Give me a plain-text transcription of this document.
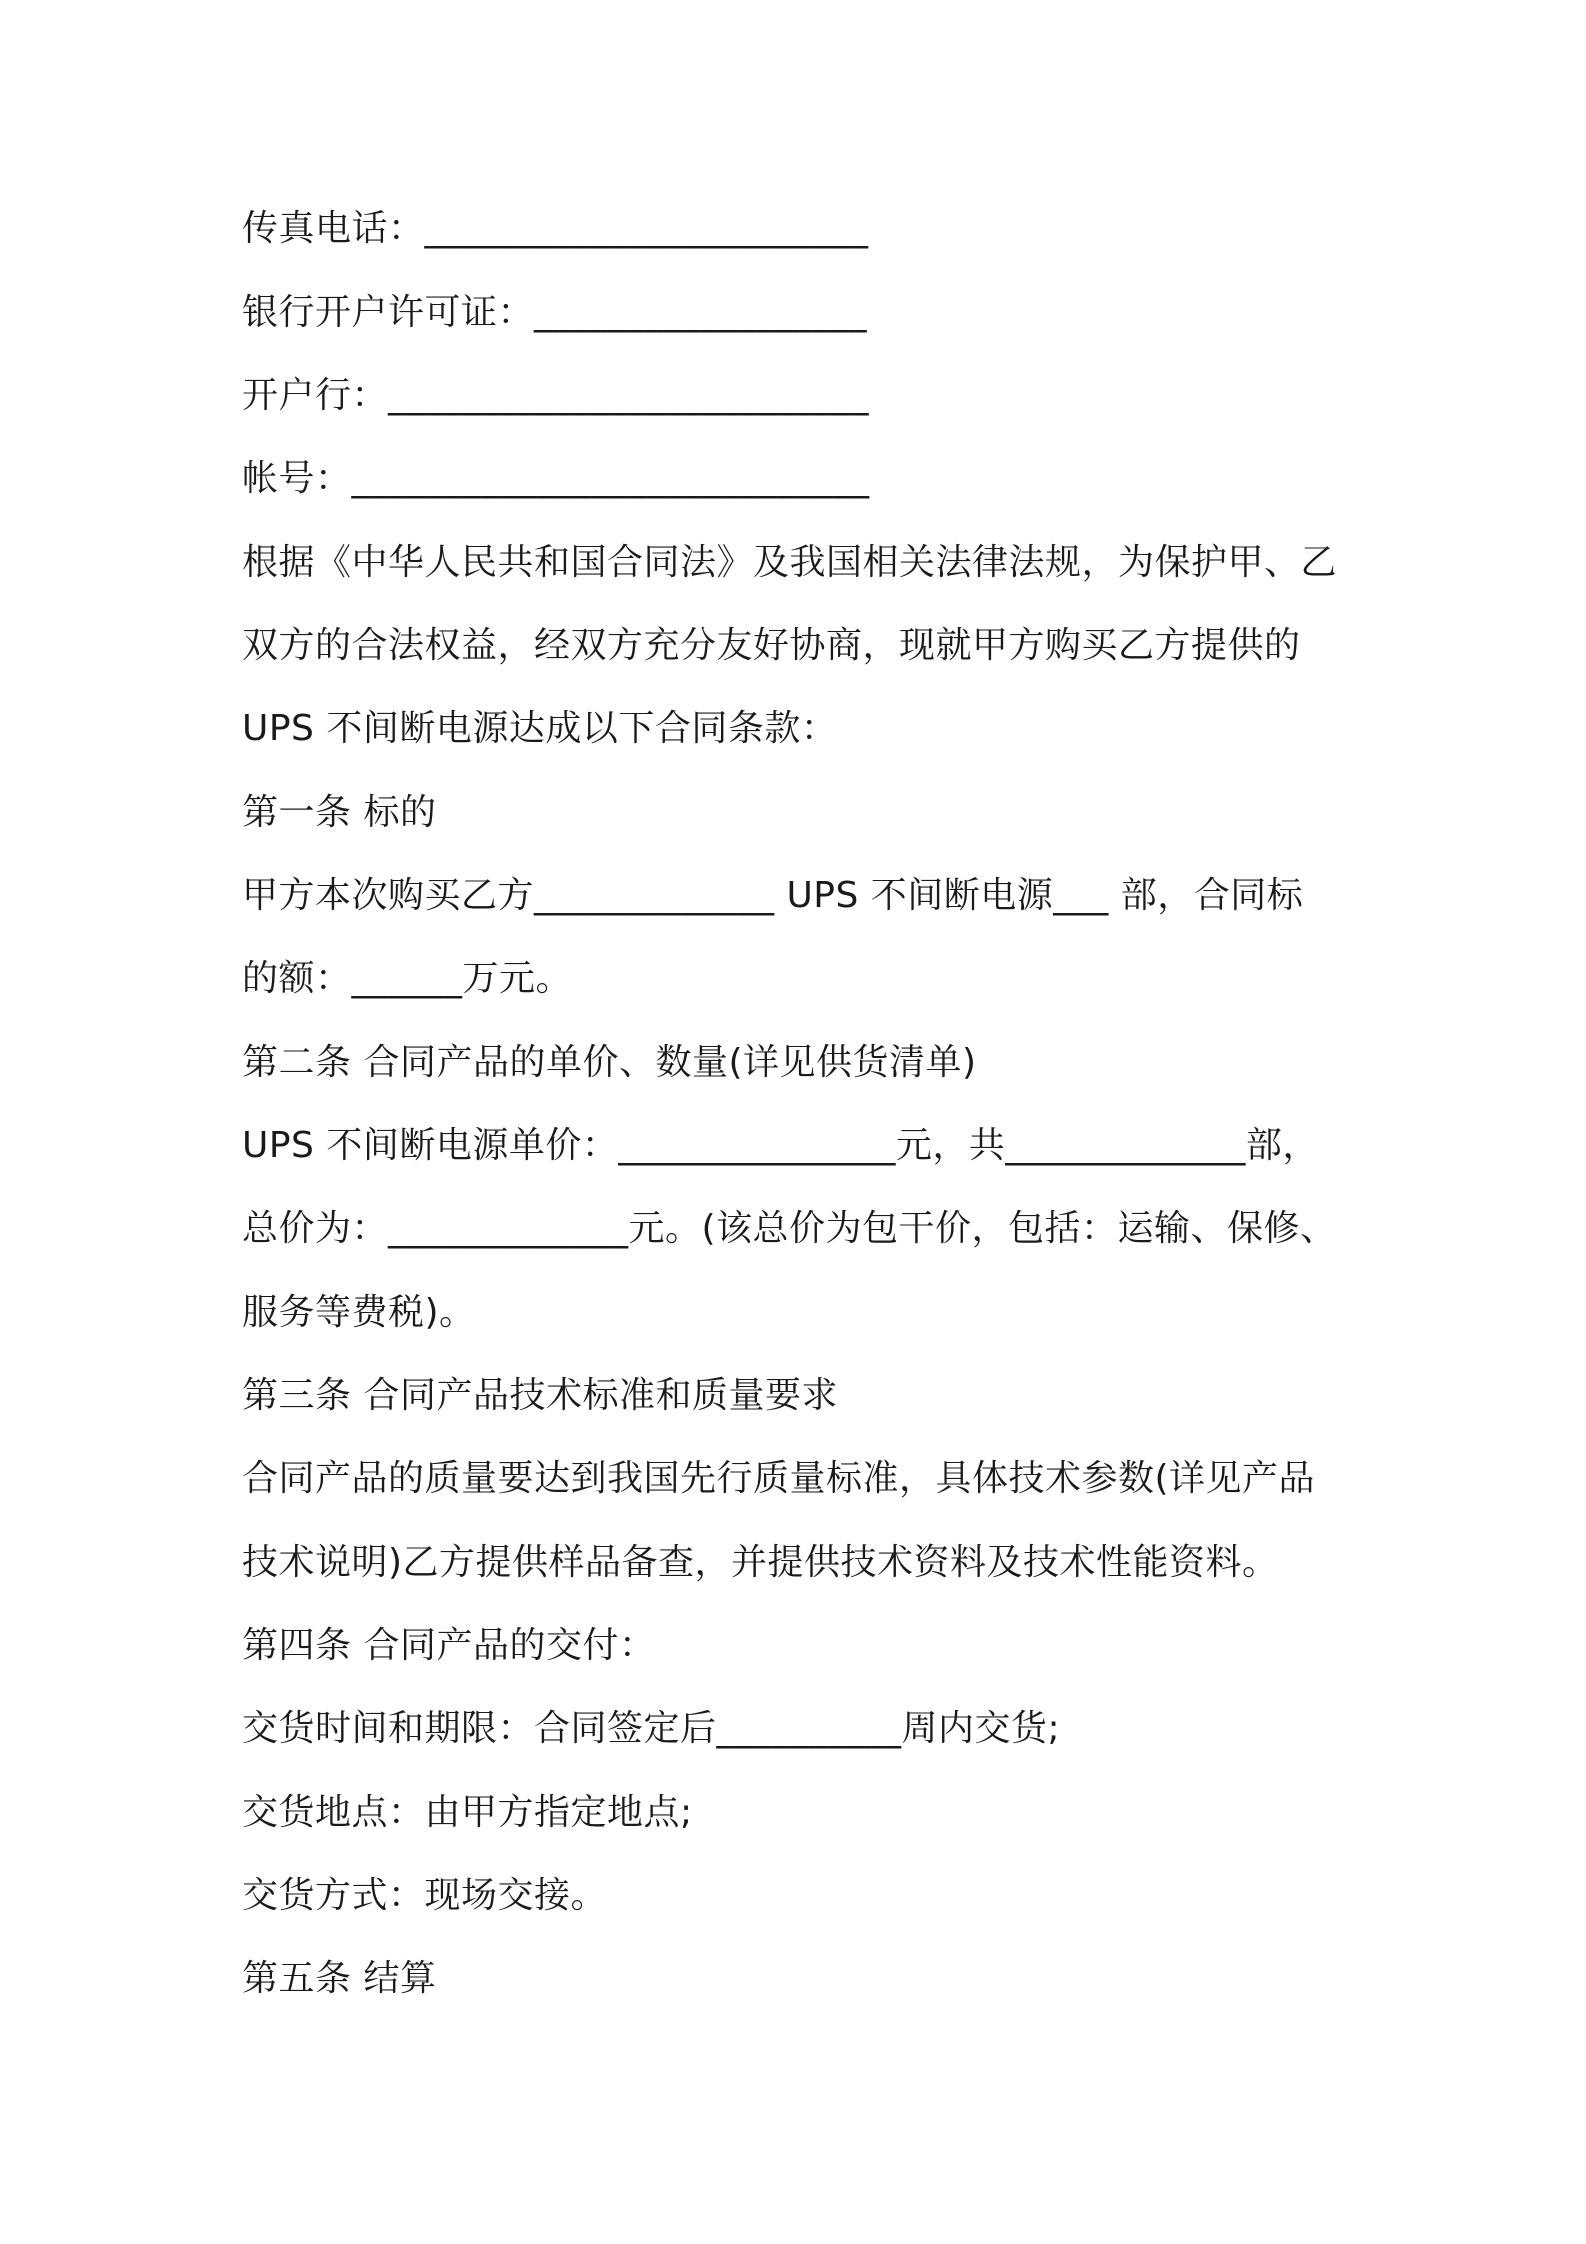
传真电话：________________________
银行开户许可证：__________________
开户行：__________________________
帐号：____________________________
根据《中华人民共和国合同法》及我国相关法律法规，为保护甲、乙
双方的合法权益，经双方充分友好协商，现就甲方购买乙方提供的
UPS 不间断电源达成以下合同条款：
第一条 标的
甲方本次购买乙方_____________ UPS 不间断电源___ 部，合同标
的额：______万元。
第二条 合同产品的单价、数量(详见供货清单)
UPS 不间断电源单价：_______________元，共_____________部，
总价为：_____________元。(该总价为包干价，包括：运输、保修、
服务等费税)。
第三条 合同产品技术标准和质量要求
合同产品的质量要达到我国先行质量标准，具体技术参数(详见产品
技术说明)乙方提供样品备查，并提供技术资料及技术性能资料。
第四条 合同产品的交付：
交货时间和期限：合同签定后__________周内交货;
交货地点：由甲方指定地点;
交货方式：现场交接。
第五条 结算
